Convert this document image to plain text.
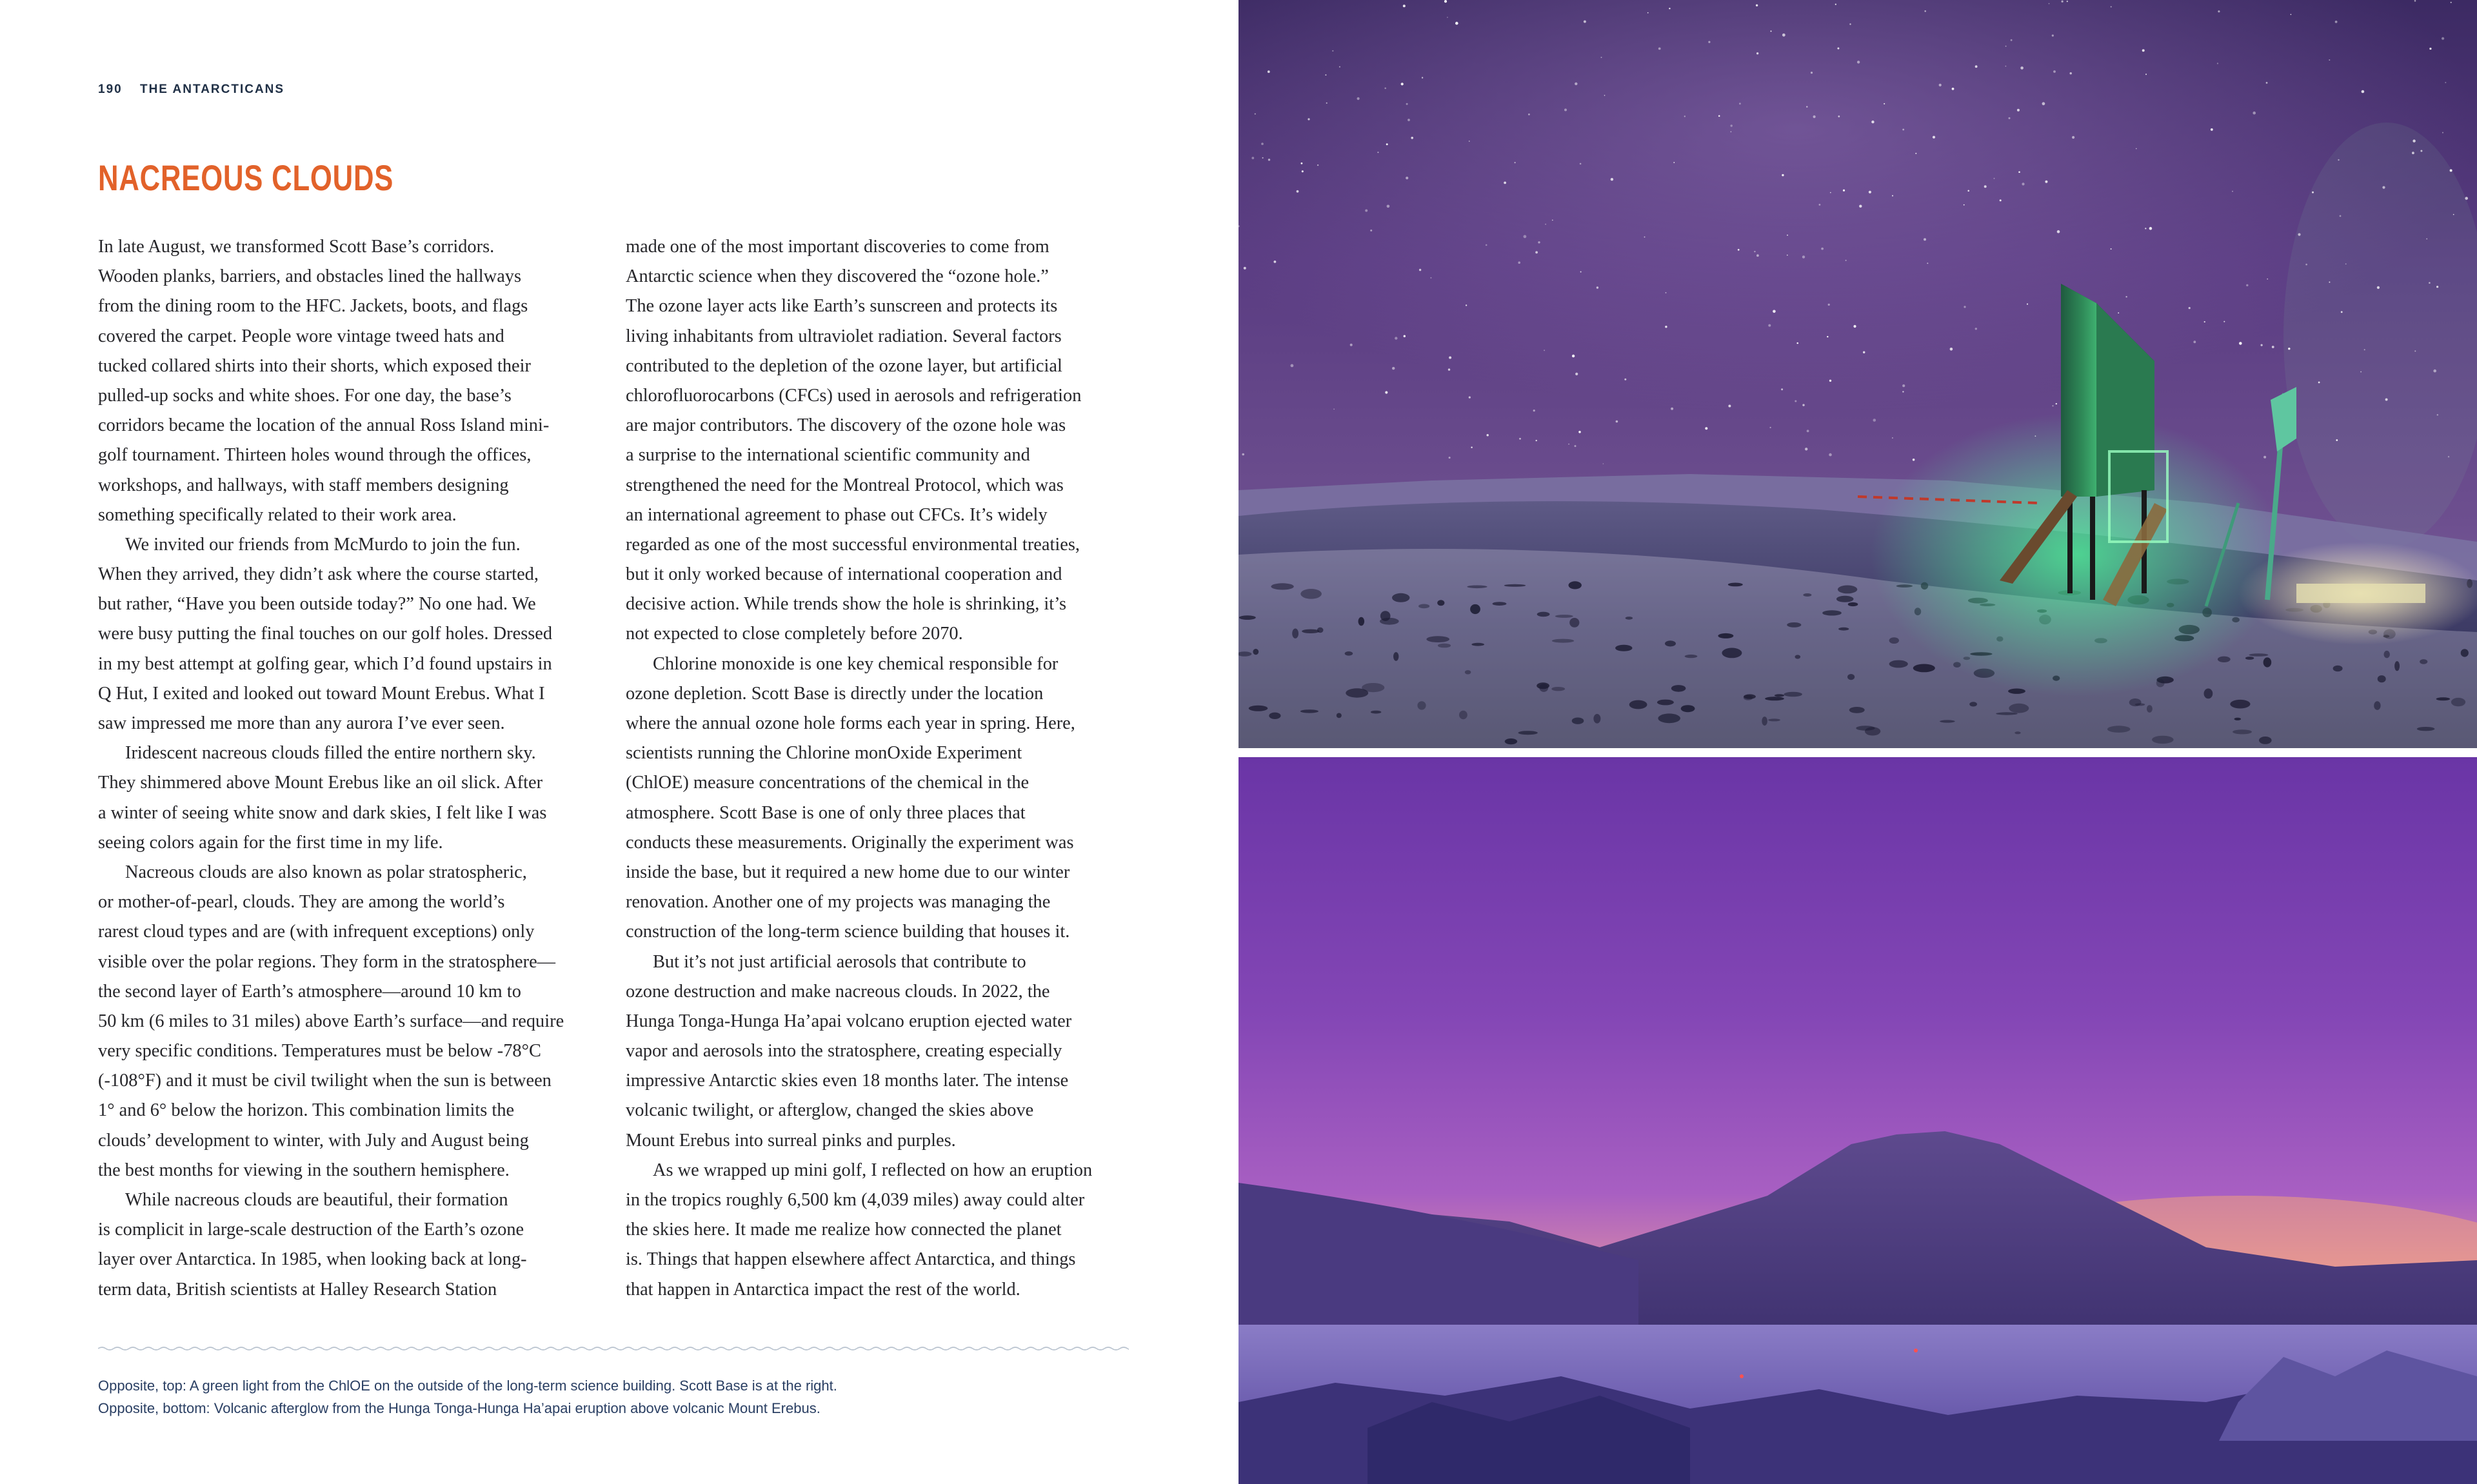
190 THE ANTARCTICANS
NACREOUS CLOUDS
In late August, we transformed Scott Base’s corridors.
Wooden planks, barriers, and obstacles lined the hallways
from the dining room to the HFC. Jackets, boots, and flags
covered the carpet. People wore vintage tweed hats and
tucked collared shirts into their shorts, which exposed their
pulled-up socks and white shoes. For one day, the base’s
corridors became the location of the annual Ross Island mini-
golf tournament. Thirteen holes wound through the offices,
workshops, and hallways, with staff members designing
something specifically related to their work area.
We invited our friends from McMurdo to join the fun.
When they arrived, they didn’t ask where the course started,
but rather, “Have you been outside today?” No one had. We
were busy putting the final touches on our golf holes. Dressed
in my best attempt at golfing gear, which I’d found upstairs in
Q Hut, I exited and looked out toward Mount Erebus. What I
saw impressed me more than any aurora I’ve ever seen.
Iridescent nacreous clouds filled the entire northern sky.
They shimmered above Mount Erebus like an oil slick. After
a winter of seeing white snow and dark skies, I felt like I was
seeing colors again for the first time in my life.
Nacreous clouds are also known as polar stratospheric,
or mother-of-pearl, clouds. They are among the world’s
rarest cloud types and are (with infrequent exceptions) only
visible over the polar regions. They form in the stratosphere—
the second layer of Earth’s atmosphere—around 10 km to
50 km (6 miles to 31 miles) above Earth’s surface—and require
very specific conditions. Temperatures must be below -78°C
(-108°F) and it must be civil twilight when the sun is between
1° and 6° below the horizon. This combination limits the
clouds’ development to winter, with July and August being
the best months for viewing in the southern hemisphere.
While nacreous clouds are beautiful, their formation
is complicit in large-scale destruction of the Earth’s ozone
layer over Antarctica. In 1985, when looking back at long-
term data, British scientists at Halley Research Station
made one of the most important discoveries to come from
Antarctic science when they discovered the “ozone hole.”
The ozone layer acts like Earth’s sunscreen and protects its
living inhabitants from ultraviolet radiation. Several factors
contributed to the depletion of the ozone layer, but artificial
chlorofluorocarbons (CFCs) used in aerosols and refrigeration
are major contributors. The discovery of the ozone hole was
a surprise to the international scientific community and
strengthened the need for the Montreal Protocol, which was
an international agreement to phase out CFCs. It’s widely
regarded as one of the most successful environmental treaties,
but it only worked because of international cooperation and
decisive action. While trends show the hole is shrinking, it’s
not expected to close completely before 2070.
Chlorine monoxide is one key chemical responsible for
ozone depletion. Scott Base is directly under the location
where the annual ozone hole forms each year in spring. Here,
scientists running the Chlorine monOxide Experiment
(ChlOE) measure concentrations of the chemical in the
atmosphere. Scott Base is one of only three places that
conducts these measurements. Originally the experiment was
inside the base, but it required a new home due to our winter
renovation. Another one of my projects was managing the
construction of the long-term science building that houses it.
But it’s not just artificial aerosols that contribute to
ozone destruction and make nacreous clouds. In 2022, the
Hunga Tonga-Hunga Ha’apai volcano eruption ejected water
vapor and aerosols into the stratosphere, creating especially
impressive Antarctic skies even 18 months later. The intense
volcanic twilight, or afterglow, changed the skies above
Mount Erebus into surreal pinks and purples.
As we wrapped up mini golf, I reflected on how an eruption
in the tropics roughly 6,500 km (4,039 miles) away could alter
the skies here. It made me realize how connected the planet
is. Things that happen elsewhere affect Antarctica, and things
that happen in Antarctica impact the rest of the world.
Opposite, top: A green light from the ChlOE on the outside of the long-term science building. Scott Base is at the right.
Opposite, bottom: Volcanic afterglow from the Hunga Tonga-Hunga Ha’apai eruption above volcanic Mount Erebus.
